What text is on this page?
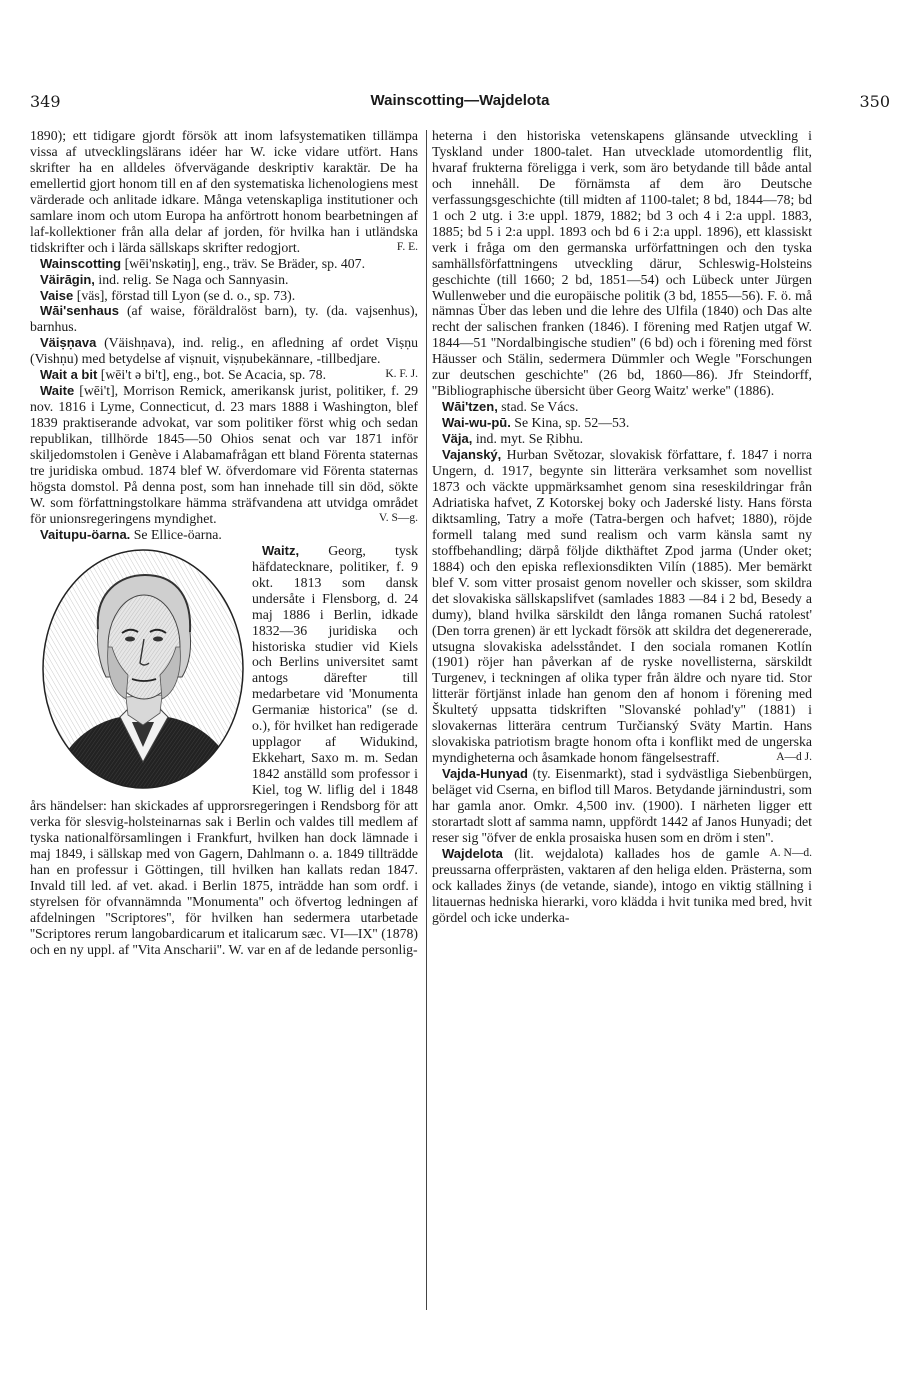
349	Wainscotting—Wajdelota	350

1890); ett tidigare gjordt försök att inom lafsystematiken tillämpa vissa af utvecklingslärans idéer har W. icke vidare utfört. Hans skrifter ha en alldeles öfvervägande deskriptiv karaktär. De ha emellertid gjort honom till en af den systematiska lichenologiens mest värderade och anlitade idkare. Många vetenskapliga institutioner och samlare inom och utom Europa ha anförtrott honom bearbetningen af laf-kollektioner från alla delar af jorden, för hvilka han i utländska tidskrifter och i lärda sällskaps skrifter redogjort.	F. E.

Wainscotting [wēi'nskətiŋ], eng., träv. Se Bräder, sp. 407.

Väirāgin, ind. relig. Se Naga och Sannyasin.

Vaise [väs], förstad till Lyon (se d. o., sp. 73).

Wāi'senhaus (af waise, föräldralöst barn), ty. (da. vajsenhus), barnhus.

Väiṣṇava (Väishṇava), ind. relig., en afledning af ordet Viṣṇu (Vishṇu) med betydelse af viṣnuit, viṣṇubekännare, -tillbedjare.
K. F. J.

Wait a bit [wēi't ə bi't], eng., bot. Se Acacia, sp. 78.

Waite [wēi't], Morrison Remick, amerikansk jurist, politiker, f. 29 nov. 1816 i Lyme, Connecticut, d. 23 mars 1888 i Washington, blef 1839 praktiserande advokat, var som politiker först whig och sedan republikan, tillhörde 1845—50 Ohios senat och var 1871 inför skiljedomstolen i Genève i Alabamafrågan ett bland Förenta staternas tre juridiska ombud. 1874 blef W. öfverdomare vid Förenta staternas högsta domstol. På denna post, som han innehade till sin död, sökte W. som författningstolkare hämma sträfvandena att utvidga området för unionsregeringens myndighet.	V. S—g.

Vaitupu-öarna. Se Ellice-öarna.

Waitz, Georg, tysk häfdatecknare, politiker, f. 9 okt. 1813 som dansk undersåte i Flensborg, d. 24 maj 1886 i Berlin, idkade 1832—36 juridiska och historiska studier vid Kiels och Berlins universitet samt antogs därefter till medarbetare vid 'Monumenta Germaniæ historica'' (se d. o.), för hvilket han redigerade upplagor af Widukind, Ekkehart, Saxo m. m. Sedan 1842 anställd som professor i Kiel, tog W. liflig del i 1848 års händelser: han skickades af upprorsregeringen i Rendsborg för att verka för slesvig-holsteinarnas sak i Berlin och valdes till medlem af tyska nationalförsamlingen i Frankfurt, hvilken han dock lämnade i maj 1849, i sällskap med von Gagern, Dahlmann o. a. 1849 tillträdde han en professur i Göttingen, till hvilken han kallats redan 1847. Invald till led. af vet. akad. i Berlin 1875, inträdde han som ordf. i styrelsen för ofvannämnda ''Monumenta'' och öfvertog ledningen af afdelningen ''Scriptores'', för hvilken han sedermera utarbetade ''Scriptores rerum langobardicarum et italicarum sæc. VI—IX'' (1878) och en ny uppl. af ''Vita Anscharii''. W. var en af de ledande personlig-

heterna i den historiska vetenskapens glänsande utveckling i Tyskland under 1800-talet. Han utvecklade utomordentlig flit, hvaraf frukterna föreligga i verk, som äro betydande till både antal och innehåll. De förnämsta af dem äro Deutsche verfassungsgeschichte (till midten af 1100-talet; 8 bd, 1844—78; bd 1 och 2 utg. i 3:e uppl. 1879, 1882; bd 3 och 4 i 2:a uppl. 1883, 1885; bd 5 i 2:a uppl. 1893 och bd 6 i 2:a uppl. 1896), ett klassiskt verk i fråga om den germanska urförfattningen och den tyska samhällsförfattningens utveckling därur, Schleswig-Holsteins geschichte (till 1660; 2 bd, 1851—54) och Lübeck unter Jürgen Wullenweber und die europäische politik (3 bd, 1855—56). F. ö. må nämnas Über das leben und die lehre des Ulfila (1840) och Das alte recht der salischen franken (1846). I förening med Ratjen utgaf W. 1844—51 ''Nordalbingische studien'' (6 bd) och i förening med först Häusser och Stälin, sedermera Dümmler och Wegle ''Forschungen zur deutschen geschichte'' (26 bd, 1860—86). Jfr Steindorff, ''Bibliographische übersicht über Georg Waitz' werke'' (1886).

Wāi'tzen, stad. Se Vács.

Wai-wu-pū. Se Kina, sp. 52—53.

Väja, ind. myt. Se Ṛibhu.

Vajanský, Hurban Světozar, slovakisk författare, f. 1847 i norra Ungern, d. 1917, begynte sin litterära verksamhet som novellist 1873 och väckte uppmärksamhet genom sina reseskildringar från Adriatiska hafvet, Z Kotorskej boky och Jaderské listy. Hans första diktsamling, Tatry a moře (Tatra-bergen och hafvet; 1880), röjde formell talang med sund realism och varm känsla samt ny stoffbehandling; därpå följde dikthäftet Zpod jarma (Under oket; 1884) och den episka reflexionsdikten Vilín (1885). Mer bemärkt blef V. som vitter prosaist genom noveller och skisser, som skildra det slovakiska sällskapslifvet (samlades 1883 —84 i 2 bd, Besedy a dumy), bland hvilka särskildt den långa romanen Suchá ratolest' (Den torra grenen) är ett lyckadt försök att skildra det degenererade, utsugna slovakiska adelsståndet. I den sociala romanen Kotlín (1901) röjer han påverkan af de ryske novellisterna, särskildt Turgenev, i teckningen af olika typer från äldre och nyare tid. Stor litterär förtjänst inlade han genom den af honom i förening med Škultetý uppsatta tidskriften ''Slovanské pohlad'y'' (1881) i slovakernas litterära centrum Turčianský Sväty Martin. Hans slovakiska patriotism bragte honom ofta i konflikt med de ungerska myndigheterna och åsamkade honom fängelsestraff.	A—d J.

Vajda-Hunyad (ty. Eisenmarkt), stad i sydvästliga Siebenbürgen, beläget vid Cserna, en biflod till Maros. Betydande järnindustri, som har gamla anor. Omkr. 4,500 inv. (1900). I närheten ligger ett storartadt slott af samma namn, uppfördt 1442 af Janos Hunyadi; det reser sig ''öfver de enkla prosaiska husen som en dröm i sten''.
A. N—d.

Wajdelota (lit. wejdalota) kallades hos de gamle preussarna offerprästen, vaktaren af den heliga elden. Prästerna, som ock kallades žinys (de vetande, siande), intogo en viktig ställning i litauernas hedniska hierarki, voro klädda i hvit tunika med bred, hvit gördel och icke underka-
